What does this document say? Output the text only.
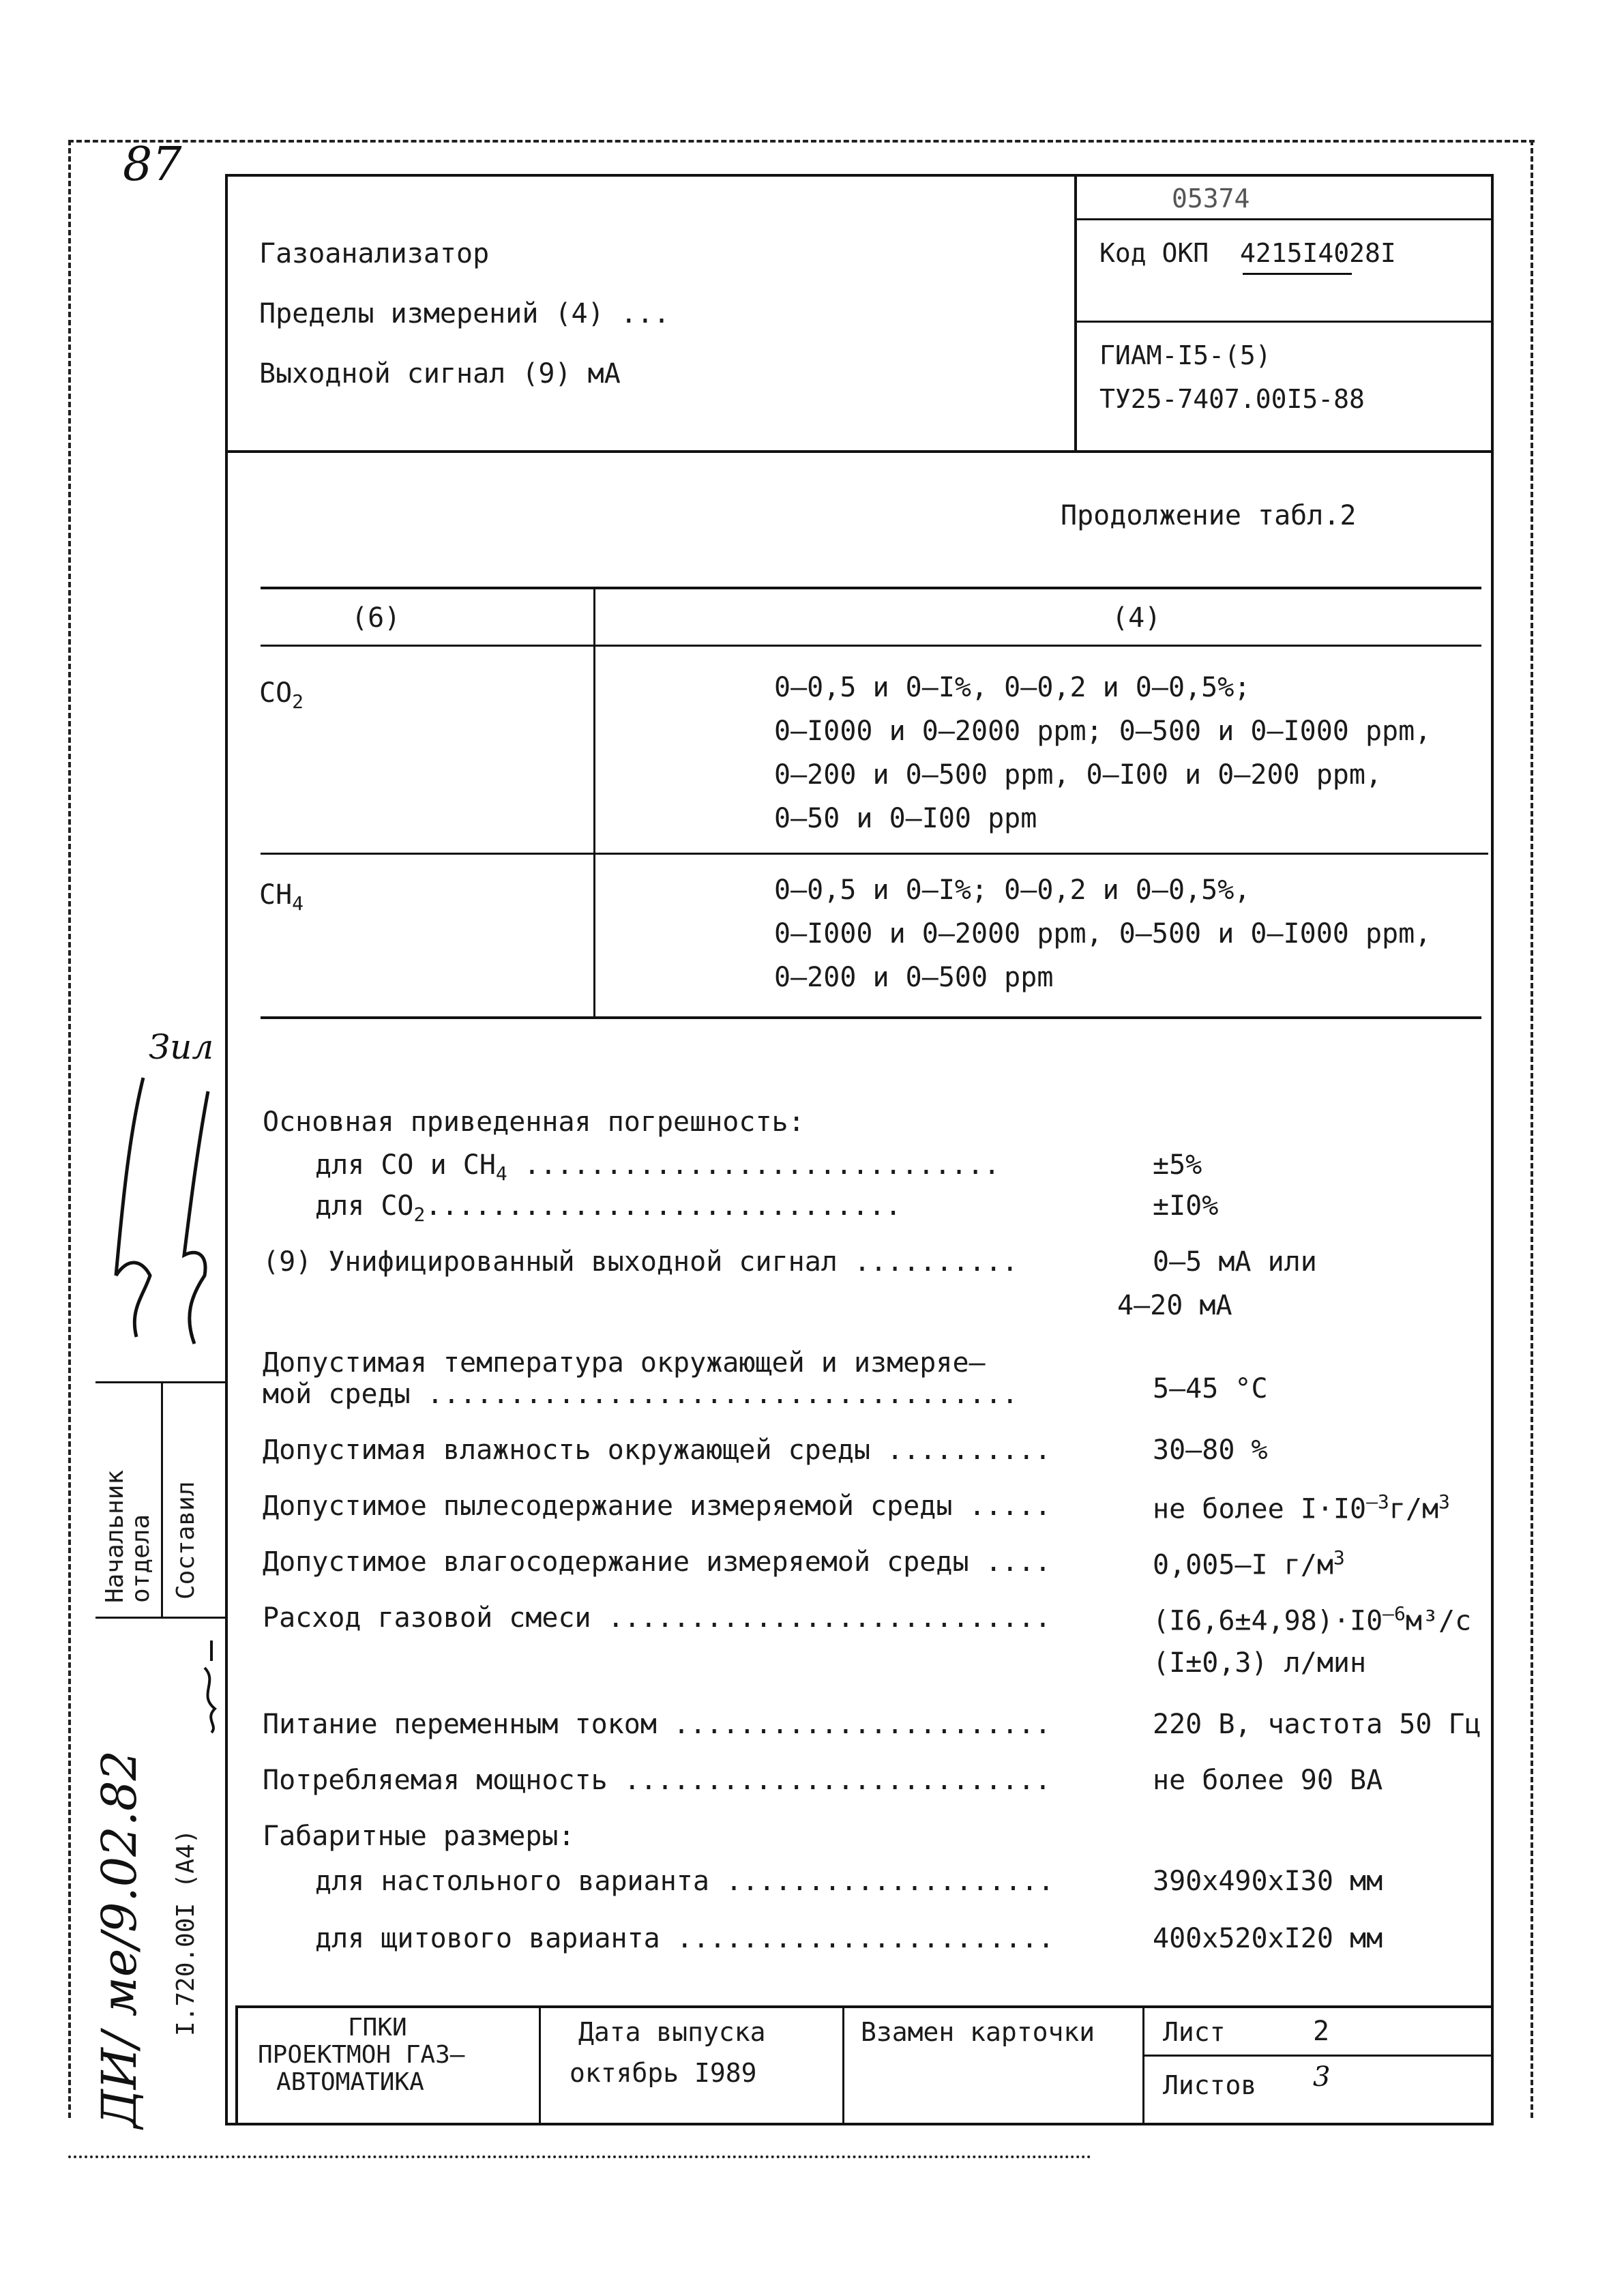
87
Газоанализатор
Пределы измерений (4) ...
Выходной сигнал (9) мА
05374
Код ОКП 4215I4028I
ГИАМ-I5-(5)
ТУ25-7407.00I5-88
Продолжение табл.2
(6)	(4)
$CO_2$	0–0,5 и 0–I%, 0–0,2 и 0–0,5%;
0–I000 и 0–2000 ppm; 0–500 и 0–I000 ppm,
0–200 и 0–500 ppm, 0–I00 и 0–200 ppm,
0–50 и 0–I00 ppm
$CH_4$	0–0,5 и 0–I%; 0–0,2 и 0–0,5%,
0–I000 и 0–2000 ppm, 0–500 и 0–I000 ppm,
0–200 и 0–500 ppm
Основная приведенная погрешность:
для CO и $CH_4$ .............................	±5%
для $CO_2$.............................	±I0%
(9) Унифицированный выходной сигнал ..........	0–5 мА или
4–20 мА
Допустимая температура окружающей и измеряе–
мой среды ....................................	5–45 °C
Допустимая влажность окружающей среды ..........	30–80 %
Допустимое пылесодержание измеряемой среды .....	не более $I\cdot I0^{-3}г/м^3$
Допустимое влагосодержание измеряемой среды ....	0,005–I $г/м^3$
Расход газовой смеси ...........................	$(I6,6\pm 4,98)\cdot I0^{-6}м^3/с$
(I±0,3) л/мин
Питание переменным током .......................	220 В, частота 50 Гц
Потребляемая мощность ..........................	не более 90 ВА
Габаритные размеры:
для настольного варианта ....................	390х490хI30 мм
для щитового варианта .......................	400х520хI20 мм
ГПКИ
ПРОЕКТМОН ГАЗ–
АВТОМАТИКА
Дата выпуска
октябрь I989
Взамен карточки	Лист	2
Листов 3
Начальник отдела Составил
I.720.00I (A4)
ДИ/ ме/9.02.82
Зил
